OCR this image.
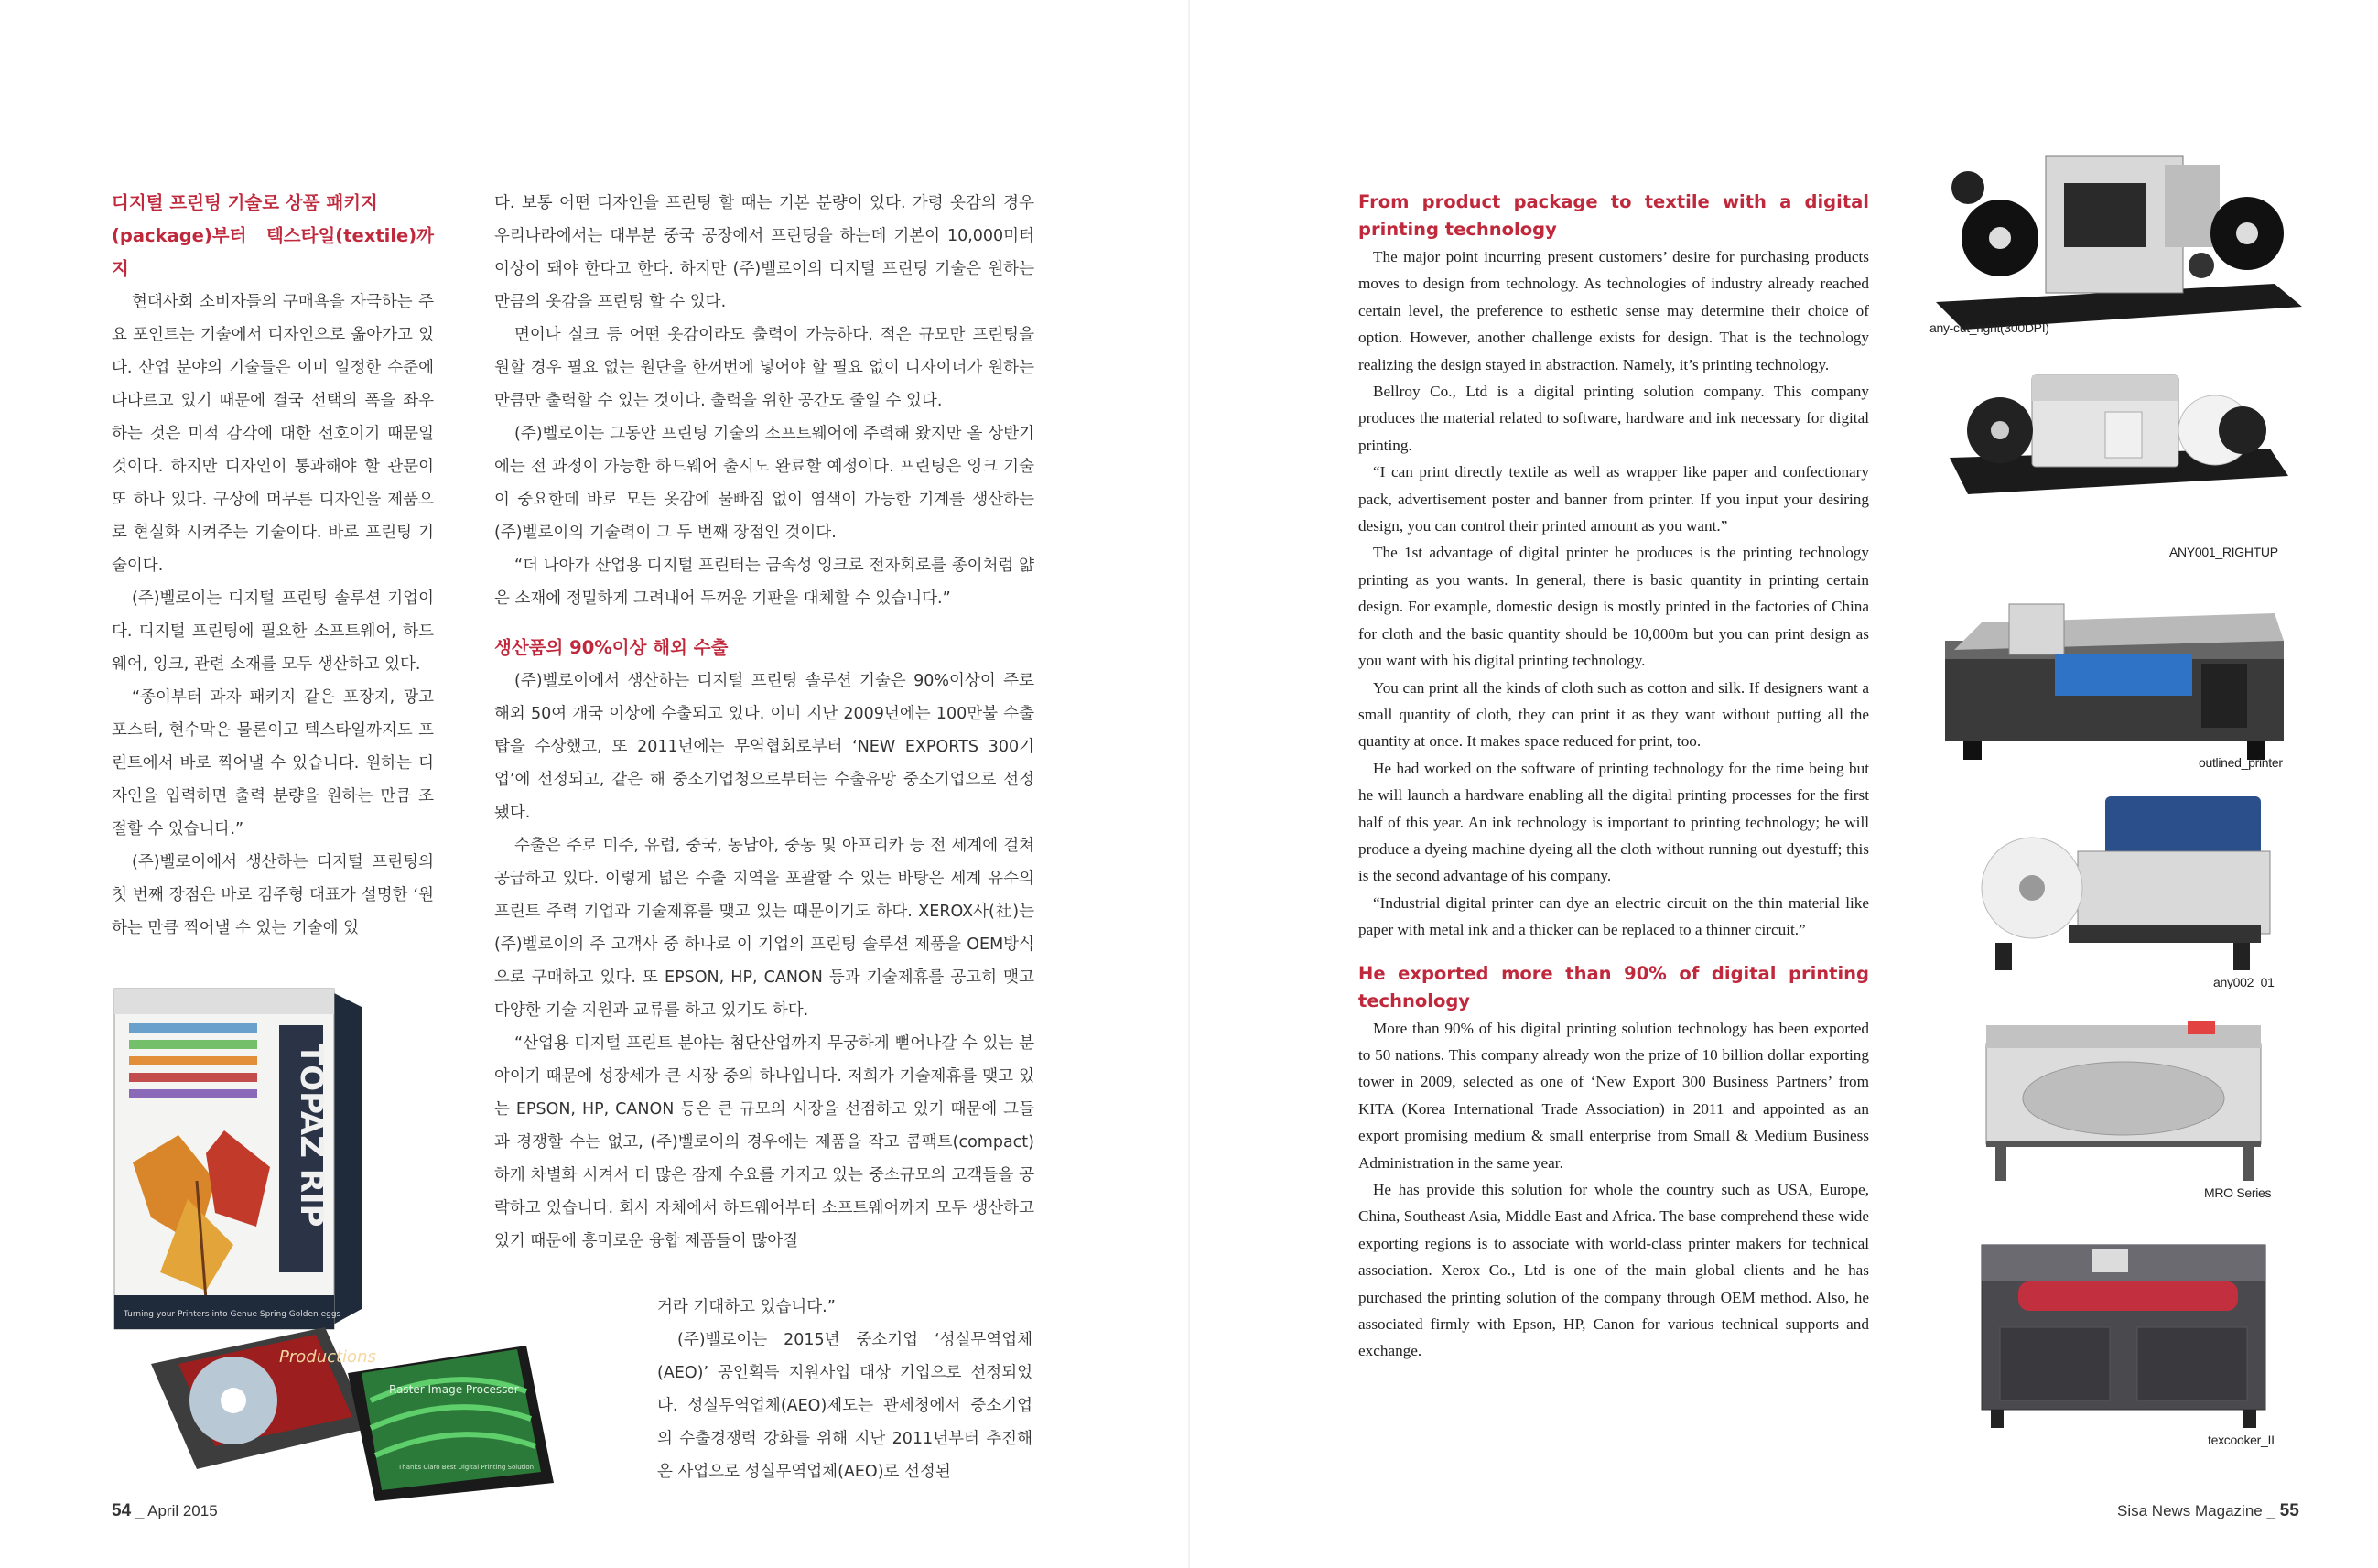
디지털 프린팅 기술로 상품 패키지
(package)부터 텍스타일(textile)까지

현대사회 소비자들의 구매욕을 자극하는 주요 포인트는 기술에서 디자인으로 옮아가고 있다. 산업 분야의 기술들은 이미 일정한 수준에 다다르고 있기 때문에 결국 선택의 폭을 좌우하는 것은 미적 감각에 대한 선호이기 때문일 것이다. 하지만 디자인이 통과해야 할 관문이 또 하나 있다. 구상에 머무른 디자인을 제품으로 현실화 시켜주는 기술이다. 바로 프린팅 기술이다.

(주)벨로이는 디지털 프린팅 솔루션 기업이다. 디지털 프린팅에 필요한 소프트웨어, 하드웨어, 잉크, 관련 소재를 모두 생산하고 있다.

“종이부터 과자 패키지 같은 포장지, 광고 포스터, 현수막은 물론이고 텍스타일까지도 프린트에서 바로 찍어낼 수 있습니다. 원하는 디자인을 입력하면 출력 분량을 원하는 만큼 조절할 수 있습니다.”

(주)벨로이에서 생산하는 디지털 프린팅의 첫 번째 장점은 바로 김주형 대표가 설명한 ‘원하는 만큼 찍어낼 수 있는 기술에 있

다. 보통 어떤 디자인을 프린팅 할 때는 기본 분량이 있다. 가령 옷감의 경우 우리나라에서는 대부분 중국 공장에서 프린팅을 하는데 기본이 10,000미터 이상이 돼야 한다고 한다. 하지만 (주)벨로이의 디지털 프린팅 기술은 원하는 만큼의 옷감을 프린팅 할 수 있다.

면이나 실크 등 어떤 옷감이라도 출력이 가능하다. 적은 규모만 프린팅을 원할 경우 필요 없는 원단을 한꺼번에 넣어야 할 필요 없이 디자이너가 원하는 만큼만 출력할 수 있는 것이다. 출력을 위한 공간도 줄일 수 있다.

(주)벨로이는 그동안 프린팅 기술의 소프트웨어에 주력해 왔지만 올 상반기에는 전 과정이 가능한 하드웨어 출시도 완료할 예정이다. 프린팅은 잉크 기술이 중요한데 바로 모든 옷감에 물빠짐 없이 염색이 가능한 기계를 생산하는 (주)벨로이의 기술력이 그 두 번째 장점인 것이다.

“더 나아가 산업용 디지털 프린터는 금속성 잉크로 전자회로를 종이처럼 얇은 소재에 정밀하게 그려내어 두꺼운 기판을 대체할 수 있습니다.”

생산품의 90%이상 해외 수출

(주)벨로이에서 생산하는 디지털 프린팅 솔루션 기술은 90%이상이 주로 해외 50여 개국 이상에 수출되고 있다. 이미 지난 2009년에는 100만불 수출탑을 수상했고, 또 2011년에는 무역협회로부터 ‘NEW EXPORTS 300기업’에 선정되고, 같은 해 중소기업청으로부터는 수출유망 중소기업으로 선정됐다.

수출은 주로 미주, 유럽, 중국, 동남아, 중동 및 아프리카 등 전 세계에 걸쳐 공급하고 있다. 이렇게 넓은 수출 지역을 포괄할 수 있는 바탕은 세계 유수의 프린트 주력 기업과 기술제휴를 맺고 있는 때문이기도 하다. XEROX사(社)는 (주)벨로이의 주 고객사 중 하나로 이 기업의 프린팅 솔루션 제품을 OEM방식으로 구매하고 있다. 또 EPSON, HP, CANON 등과 기술제휴를 공고히 맺고 다양한 기술 지원과 교류를 하고 있기도 하다.

“산업용 디지털 프린트 분야는 첨단산업까지 무궁하게 뻗어나갈 수 있는 분야이기 때문에 성장세가 큰 시장 중의 하나입니다. 저희가 기술제휴를 맺고 있는 EPSON, HP, CANON 등은 큰 규모의 시장을 선점하고 있기 때문에 그들과 경쟁할 수는 없고, (주)벨로이의 경우에는 제품을 작고 콤팩트(compact)하게 차별화 시켜서 더 많은 잠재 수요를 가지고 있는 중소규모의 고객들을 공략하고 있습니다. 회사 자체에서 하드웨어부터 소프트웨어까지 모두 생산하고 있기 때문에 흥미로운 융합 제품들이 많아질

거라 기대하고 있습니다.”

(주)벨로이는 2015년 중소기업 ‘성실무역업체(AEO)’ 공인획득 지원사업 대상 기업으로 선정되었다. 성실무역업체(AEO)제도는 관세청에서 중소기업의 수출경쟁력 강화를 위해 지난 2011년부터 추진해 온 사업으로 성실무역업체(AEO)로 선정된

TOPAZ RIP
Turning your Printers into Genue Spring Golden eggs
Productions
Raster Image Processor
Thanks Claro Best Digital Printing Solution
54 _ April 2015
From product package to textile with a digital printing technology

The major point incurring present customers’ desire for purchasing products moves to design from technology. As technologies of industry already reached certain level, the preference to esthetic sense may determine their choice of option. However, another challenge exists for design. That is the technology realizing the design stayed in abstraction. Namely, it’s printing technology.

Bellroy Co., Ltd is a digital printing solution company. This company produces the material related to software, hardware and ink necessary for digital printing.

“I can print directly textile as well as wrapper like paper and confectionary pack, advertisement poster and banner from printer. If you input your desiring design, you can control their printed amount as you want.”

The 1st advantage of digital printer he produces is the printing technology printing as you wants. In general, there is basic quantity in printing certain design. For example, domestic design is mostly printed in the factories of China for cloth and the basic quantity should be 10,000m but you can print design as you want with his digital printing technology.

You can print all the kinds of cloth such as cotton and silk. If designers want a small quantity of cloth, they can print it as they want without putting all the quantity at once. It makes space reduced for print, too.

He had worked on the software of printing technology for the time being but he will launch a hardware enabling all the digital printing processes for the first half of this year. An ink technology is important to printing technology; he will produce a dyeing machine dyeing all the cloth without running out dyestuff; this is the second advantage of his company.

“Industrial digital printer can dye an electric circuit on the thin material like paper with metal ink and a thicker can be replaced to a thinner circuit.”

He exported more than 90% of digital printing technology

More than 90% of his digital printing solution technology has been exported to 50 nations. This company already won the prize of 10 billion dollar exporting tower in 2009, selected as one of ‘New Export 300 Business Partners’ from KITA (Korea International Trade Association) in 2011 and appointed as an export promising medium & small enterprise from Small & Medium Business Administration in the same year.

He has provide this solution for whole the country such as USA, Europe, China, Southeast Asia, Middle East and Africa. The base comprehend these wide exporting regions is to associate with world-class printer makers for technical association. Xerox Co., Ltd is one of the main global clients and he has purchased the printing solution of the company through OEM method. Also, he associated firmly with Epson, HP, Canon for various technical supports and exchange.

any-cut_right(300DPI)
ANY001_RIGHTUP
outlined_printer
any002_01
MRO Series
texcooker_II
Sisa News Magazine _ 55
